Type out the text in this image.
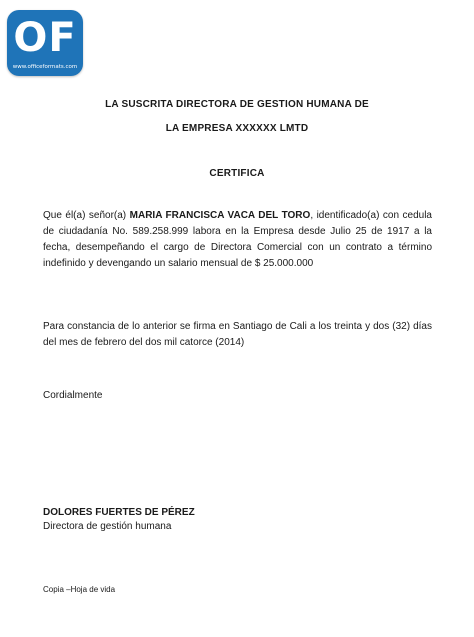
OF
www.officeformats.com
LA SUSCRITA DIRECTORA DE GESTION HUMANA DE
LA EMPRESA XXXXXX LMTD
CERTIFICA
Que él(a) señor(a) MARIA FRANCISCA VACA DEL TORO, identificado(a) con cedula de ciudadanía No. 589.258.999 labora en la Empresa desde Julio 25 de 1917 a la fecha, desempeñando el cargo de Directora Comercial con un contrato a término indefinido y devengando un salario mensual de $ 25.000.000
Para constancia de lo anterior se firma en Santiago de Cali a los treinta y dos (32) días del mes de febrero del dos mil catorce (2014)
Cordialmente
DOLORES FUERTES DE PÉREZ
Directora de gestión humana
Copia –Hoja de vida
